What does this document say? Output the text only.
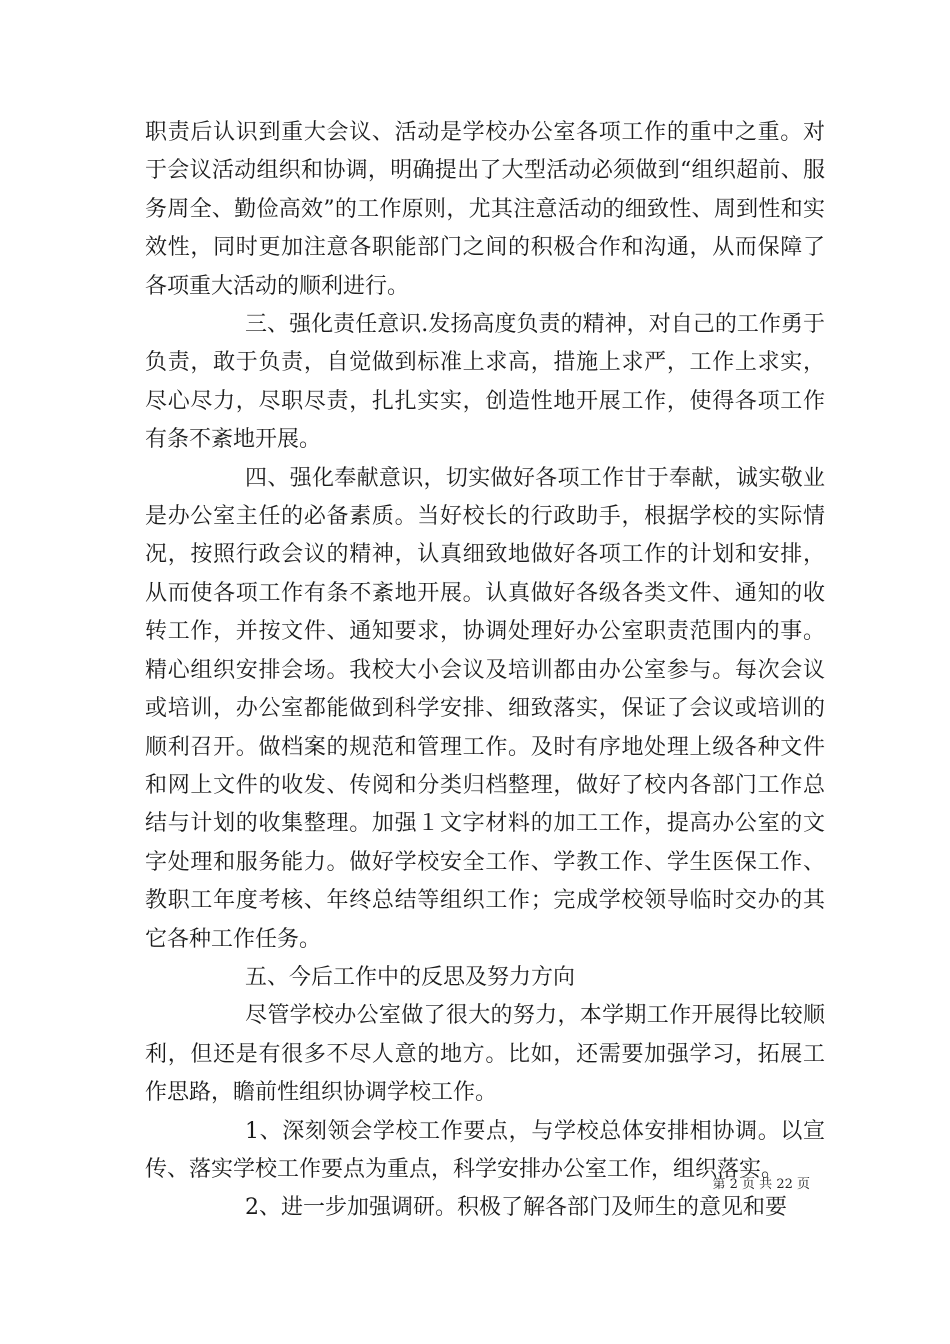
职责后认识到重大会议、活动是学校办公室各项工作的重中之重。对于会议活动组织和协调，明确提出了大型活动必须做到“组织超前、服务周全、勤俭高效”的工作原则，尤其注意活动的细致性、周到性和实效性，同时更加注意各职能部门之间的积极合作和沟通，从而保障了各项重大活动的顺利进行。

三、强化责任意识.发扬高度负责的精神，对自己的工作勇于负责，敢于负责，自觉做到标准上求高，措施上求严，工作上求实，尽心尽力，尽职尽责，扎扎实实，创造性地开展工作，使得各项工作有条不紊地开展。

四、强化奉献意识，切实做好各项工作甘于奉献，诚实敬业是办公室主任的必备素质。当好校长的行政助手，根据学校的实际情况，按照行政会议的精神，认真细致地做好各项工作的计划和安排，从而使各项工作有条不紊地开展。认真做好各级各类文件、通知的收转工作，并按文件、通知要求，协调处理好办公室职责范围内的事。精心组织安排会场。我校大小会议及培训都由办公室参与。每次会议或培训，办公室都能做到科学安排、细致落实，保证了会议或培训的顺利召开。做档案的规范和管理工作。及时有序地处理上级各种文件和网上文件的收发、传阅和分类归档整理，做好了校内各部门工作总结与计划的收集整理。加强１文字材料的加工工作，提高办公室的文字处理和服务能力。做好学校安全工作、学教工作、学生医保工作、教职工年度考核、年终总结等组织工作；完成学校领导临时交办的其它各种工作任务。

五、今后工作中的反思及努力方向

尽管学校办公室做了很大的努力，本学期工作开展得比较顺利，但还是有很多不尽人意的地方。比如，还需要加强学习，拓展工作思路，瞻前性组织协调学校工作。

1、深刻领会学校工作要点，与学校总体安排相协调。以宣传、落实学校工作要点为重点，科学安排办公室工作，组织落实。

2、进一步加强调研。积极了解各部门及师生的意见和要

第 2 页 共 22 页
